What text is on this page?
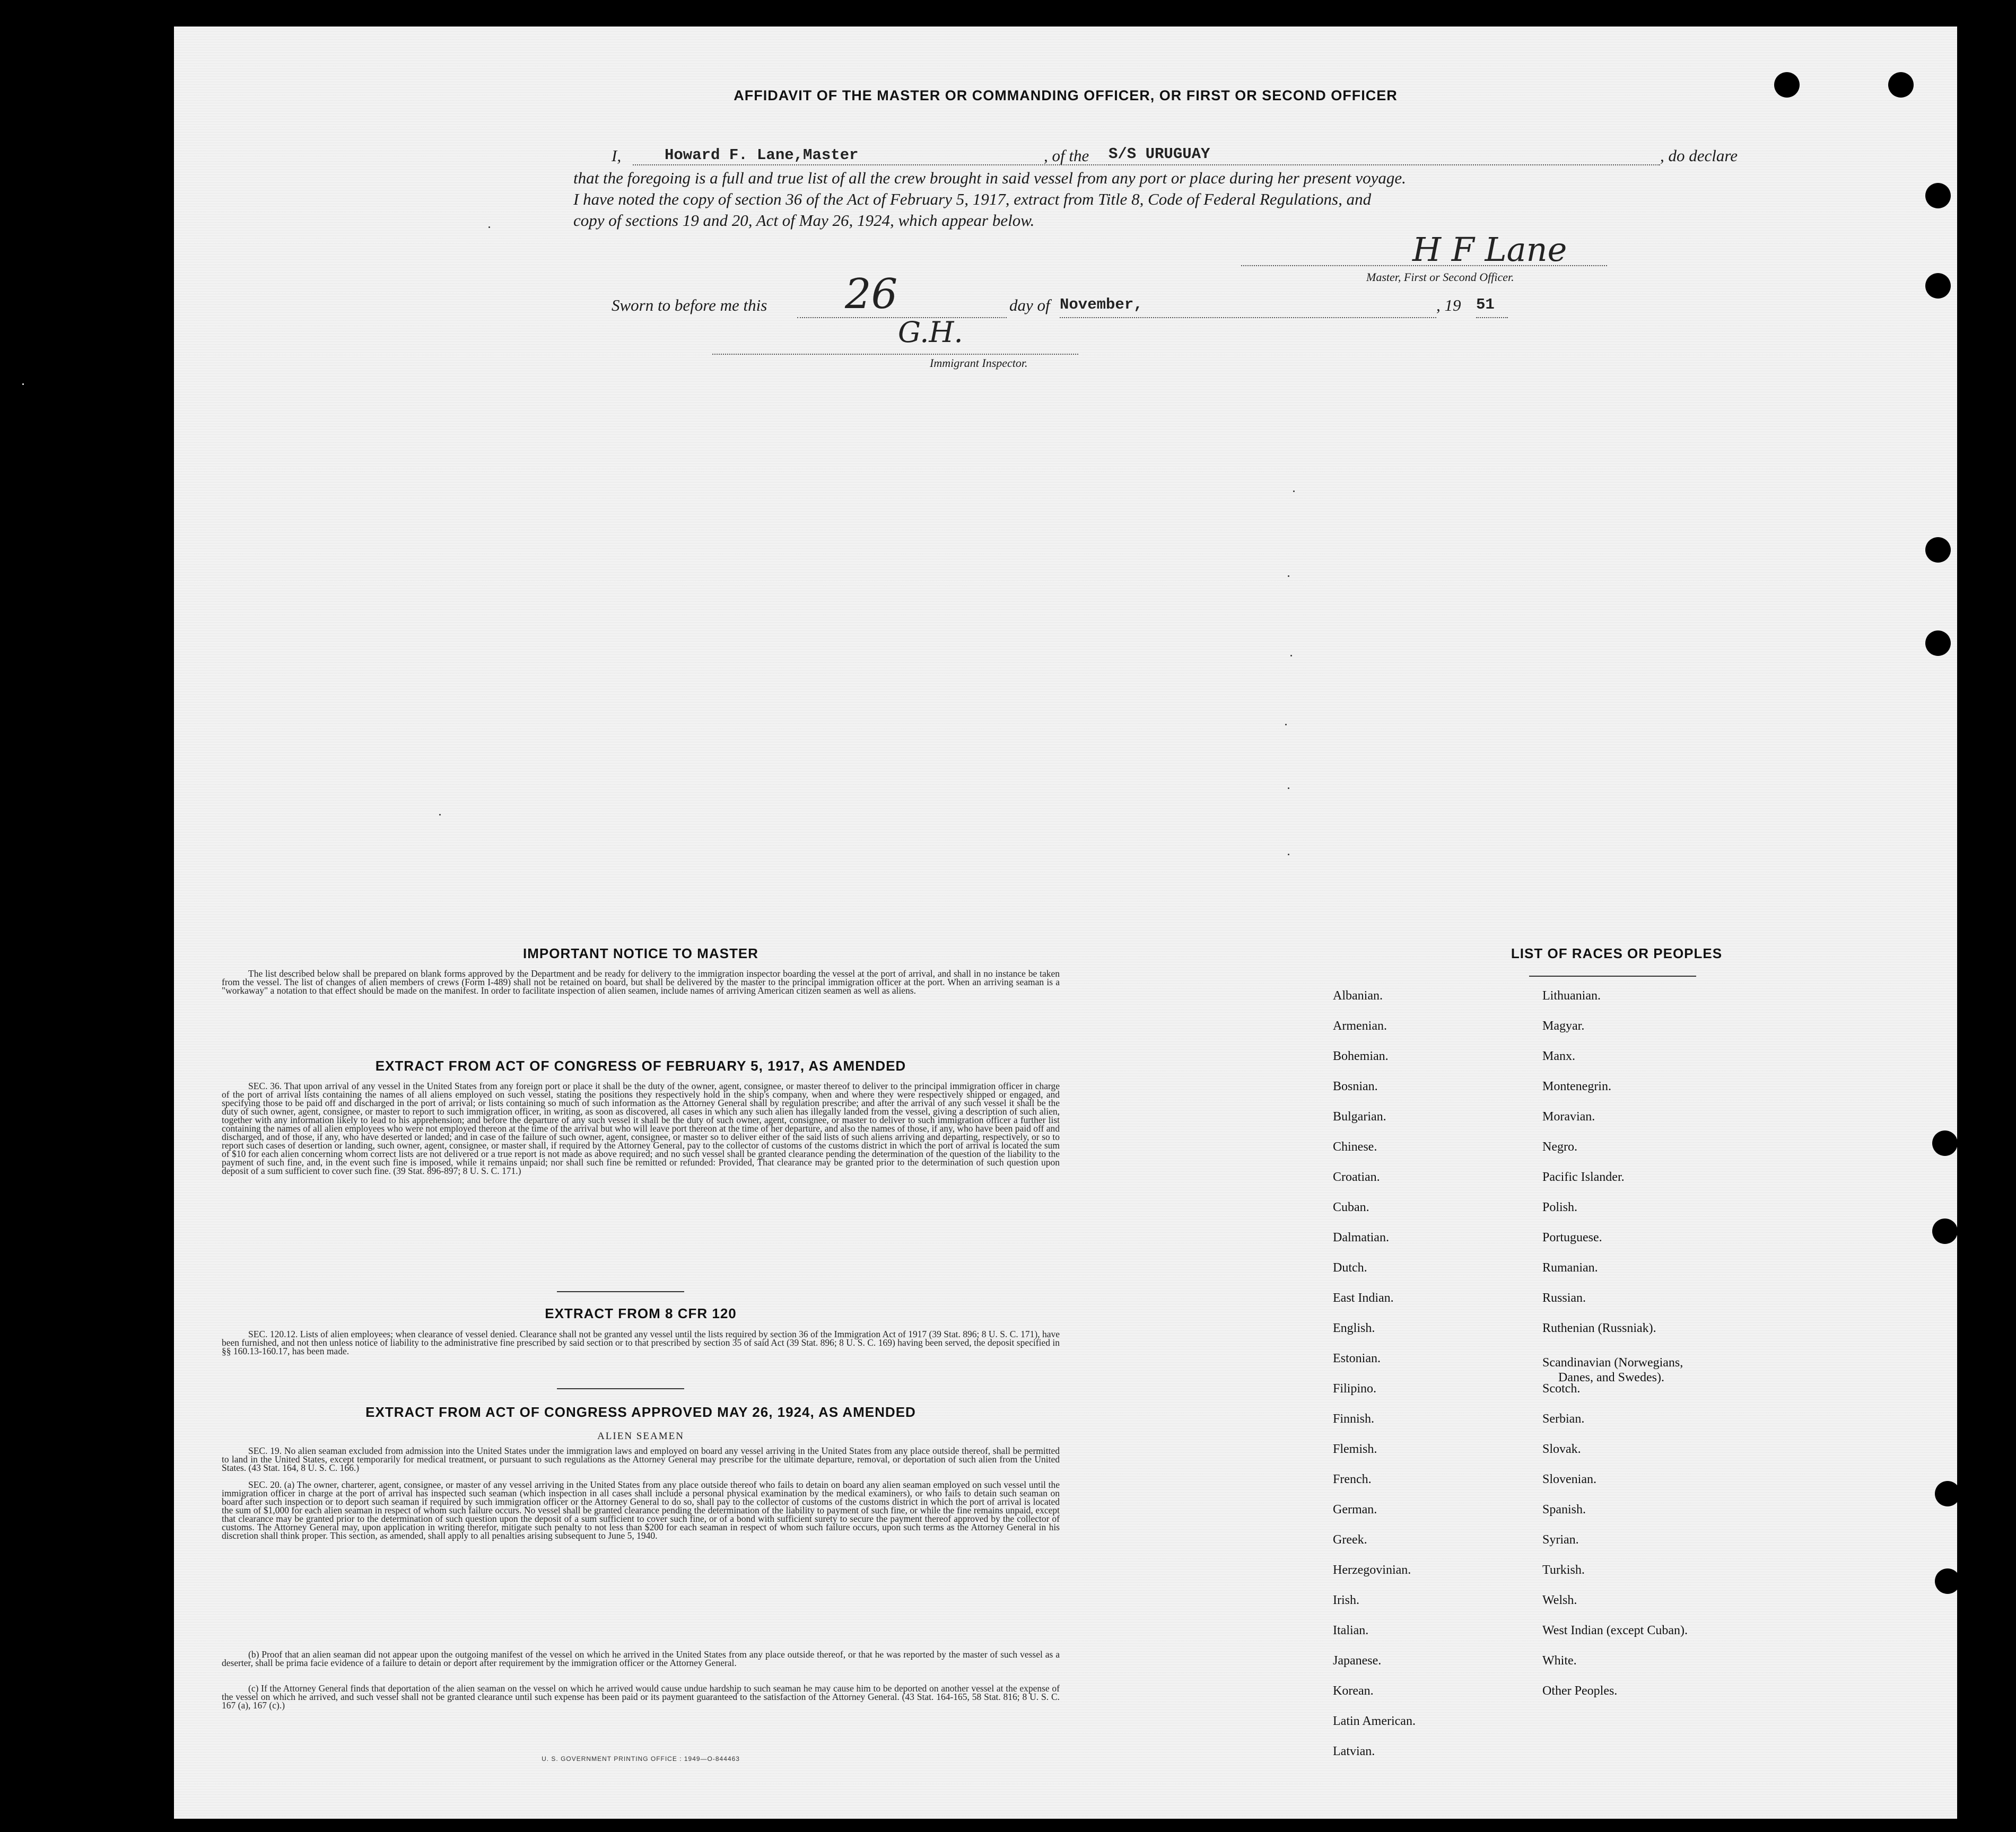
AFFIDAVIT OF THE MASTER OR COMMANDING OFFICER, OR FIRST OR SECOND OFFICER
I,	Howard F. Lane,Master	, of the S/S URUGUAY	, do declare
that the foregoing is a full and true list of all the crew brought in said vessel from any port or place during her present voyage.
I have noted the copy of section 36 of the Act of February 5, 1917, extract from Title 8, Code of Federal Regulations, and
copy of sections 19 and 20, Act of May 26, 1924, which appear below.
H F Lane
Master, First or Second Officer.
Sworn to before me this 26	day of November,	, 19 51
G.H.
Immigrant Inspector.
IMPORTANT NOTICE TO MASTER
The list described below shall be prepared on blank forms approved by the Department and be ready for delivery to the immigration inspector boarding the vessel at the port of arrival, and shall in no instance be taken from the vessel. The list of changes of alien members of crews (Form I-489) shall not be retained on board, but shall be delivered by the master to the principal immigration officer at the port. When an arriving seaman is a "workaway" a notation to that effect should be made on the manifest. In order to facilitate inspection of alien seamen, include names of arriving American citizen seamen as well as aliens.
EXTRACT FROM ACT OF CONGRESS OF FEBRUARY 5, 1917, AS AMENDED
SEC. 36. That upon arrival of any vessel in the United States from any foreign port or place it shall be the duty of the owner, agent, consignee, or master thereof to deliver to the principal immigration officer in charge of the port of arrival lists containing the names of all aliens employed on such vessel, stating the positions they respectively hold in the ship's company, when and where they were respectively shipped or engaged, and specifying those to be paid off and discharged in the port of arrival; or lists containing so much of such information as the Attorney General shall by regulation prescribe; and after the arrival of any such vessel it shall be the duty of such owner, agent, consignee, or master to report to such immigration officer, in writing, as soon as discovered, all cases in which any such alien has illegally landed from the vessel, giving a description of such alien, together with any information likely to lead to his apprehension; and before the departure of any such vessel it shall be the duty of such owner, agent, consignee, or master to deliver to such immigration officer a further list containing the names of all alien employees who were not employed thereon at the time of the arrival but who will leave port thereon at the time of her departure, and also the names of those, if any, who have been paid off and discharged, and of those, if any, who have deserted or landed; and in case of the failure of such owner, agent, consignee, or master so to deliver either of the said lists of such aliens arriving and departing, respectively, or so to report such cases of desertion or landing, such owner, agent, consignee, or master shall, if required by the Attorney General, pay to the collector of customs of the customs district in which the port of arrival is located the sum of $10 for each alien concerning whom correct lists are not delivered or a true report is not made as above required; and no such vessel shall be granted clearance pending the determination of the question of the liability to the payment of such fine, and, in the event such fine is imposed, while it remains unpaid; nor shall such fine be remitted or refunded: Provided, That clearance may be granted prior to the determination of such question upon deposit of a sum sufficient to cover such fine. (39 Stat. 896-897; 8 U. S. C. 171.)
EXTRACT FROM 8 CFR 120
SEC. 120.12. Lists of alien employees; when clearance of vessel denied. Clearance shall not be granted any vessel until the lists required by section 36 of the Immigration Act of 1917 (39 Stat. 896; 8 U. S. C. 171), have been furnished, and not then unless notice of liability to the administrative fine prescribed by said section or to that prescribed by section 35 of said Act (39 Stat. 896; 8 U. S. C. 169) having been served, the deposit specified in §§ 160.13-160.17, has been made.
EXTRACT FROM ACT OF CONGRESS APPROVED MAY 26, 1924, AS AMENDED
ALIEN SEAMEN
SEC. 19. No alien seaman excluded from admission into the United States under the immigration laws and employed on board any vessel arriving in the United States from any place outside thereof, shall be permitted to land in the United States, except temporarily for medical treatment, or pursuant to such regulations as the Attorney General may prescribe for the ultimate departure, removal, or deportation of such alien from the United States. (43 Stat. 164, 8 U. S. C. 166.)
SEC. 20. (a) The owner, charterer, agent, consignee, or master of any vessel arriving in the United States from any place outside thereof who fails to detain on board any alien seaman employed on such vessel until the immigration officer in charge at the port of arrival has inspected such seaman (which inspection in all cases shall include a personal physical examination by the medical examiners), or who fails to detain such seaman on board after such inspection or to deport such seaman if required by such immigration officer or the Attorney General to do so, shall pay to the collector of customs of the customs district in which the port of arrival is located the sum of $1,000 for each alien seaman in respect of whom such failure occurs. No vessel shall be granted clearance pending the determination of the liability to payment of such fine, or while the fine remains unpaid, except that clearance may be granted prior to the determination of such question upon the deposit of a sum sufficient to cover such fine, or of a bond with sufficient surety to secure the payment thereof approved by the collector of customs. The Attorney General may, upon application in writing therefor, mitigate such penalty to not less than $200 for each seaman in respect of whom such failure occurs, upon such terms as the Attorney General in his discretion shall think proper. This section, as amended, shall apply to all penalties arising subsequent to June 5, 1940.
(b) Proof that an alien seaman did not appear upon the outgoing manifest of the vessel on which he arrived in the United States from any place outside thereof, or that he was reported by the master of such vessel as a deserter, shall be prima facie evidence of a failure to detain or deport after requirement by the immigration officer or the Attorney General.
(c) If the Attorney General finds that deportation of the alien seaman on the vessel on which he arrived would cause undue hardship to such seaman he may cause him to be deported on another vessel at the expense of the vessel on which he arrived, and such vessel shall not be granted clearance until such expense has been paid or its payment guaranteed to the satisfaction of the Attorney General. (43 Stat. 164-165, 58 Stat. 816; 8 U. S. C. 167 (a), 167 (c).)
U. S. GOVERNMENT PRINTING OFFICE : 1949—O-844463
LIST OF RACES OR PEOPLES
Albanian.
Armenian.
Bohemian.
Bosnian.
Bulgarian.
Chinese.
Croatian.
Cuban.
Dalmatian.
Dutch.
East Indian.
English.
Estonian.
Filipino.
Finnish.
Flemish.
French.
German.
Greek.
Herzegovinian.
Irish.
Italian.
Japanese.
Korean.
Latin American.
Latvian.
Lithuanian.
Magyar.
Manx.
Montenegrin.
Moravian.
Negro.
Pacific Islander.
Polish.
Portuguese.
Rumanian.
Russian.
Ruthenian (Russniak).
Scandinavian (Norwegians,
Danes, and Swedes).
Scotch.
Serbian.
Slovak.
Slovenian.
Spanish.
Syrian.
Turkish.
Welsh.
West Indian (except Cuban).
White.
Other Peoples.
